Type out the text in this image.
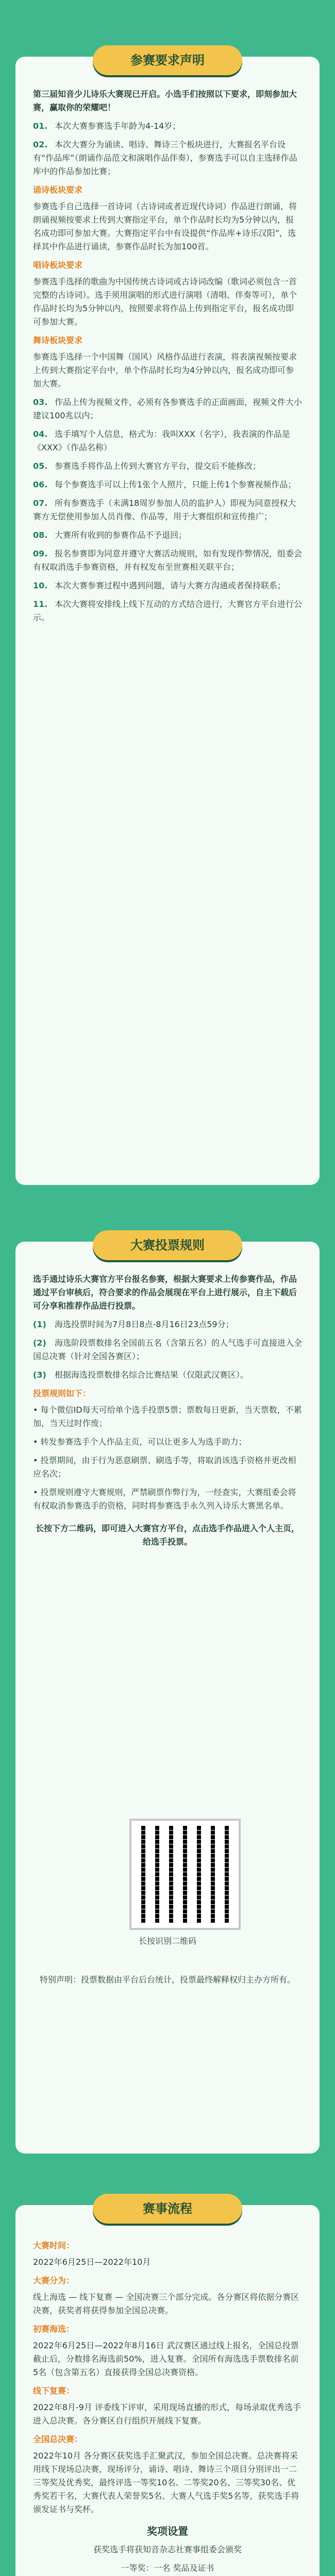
参赛要求声明
第三届知音少儿诗乐大赛现已开启。小选手们按照以下要求，即刻参加大赛，赢取你的荣耀吧！
01. 本次大赛参赛选手年龄为4-14岁；
02. 本次大赛分为诵读、唱诗、舞诗三个板块进行，大赛报名平台设有“作品库”（朗诵作品范文和演唱作品伴奏），参赛选手可以自主选择作品库中的作品参加比赛；
诵诗板块要求
参赛选手自己选择一首诗词（古诗词或者近现代诗词）作品进行朗诵，将朗诵视频按要求上传到大赛指定平台，单个作品时长均为5分钟以内，报名成功即可参加大赛。大赛指定平台中有设提供“作品库+诗乐汉阳”，选择其中作品进行诵读，参赛作品时长为加100首。
唱诗板块要求
参赛选手选择的歌曲为中国传统古诗词或古诗词改编（歌词必须包含一首完整的古诗词）。选手须用演唱的形式进行演唱（清唱、伴奏等可），单个作品时长均为5分钟以内，按照要求将作品上传到指定平台，报名成功即可参加大赛。
舞诗板块要求
参赛选手选择一个中国舞（国风）风格作品进行表演，将表演视频按要求上传到大赛指定平台中，单个作品时长均为4分钟以内，报名成功即可参加大赛。
03. 作品上传为视频文件，必须有各参赛选手的正面画面，视频文件大小建议100兆以内；
04. 选手填写个人信息，格式为：我叫XXX（名字），我表演的作品是《XXX》（作品名称）
05. 参赛选手将作品上传到大赛官方平台，提交后不能修改；
06. 每个参赛选手可以上传1张个人照片，只能上传1个参赛视频作品；
07. 所有参赛选手（未满18周岁参加人员的监护人）即视为同意授权大赛方无偿使用参加人员肖像、作品等，用于大赛组织和宣传推广；
08. 大赛所有收到的参赛作品不予退回；
09. 报名参赛即为同意并遵守大赛活动规则，如有发现作弊情况，组委会有权取消选手参赛资格，并有权发布至世赛相关联平台；
10. 本次大赛参赛过程中遇到问题，请与大赛方沟通或者保持联系；
11. 本次大赛将安排线上线下互动的方式结合进行，大赛官方平台进行公示。
大赛投票规则
选手通过诗乐大赛官方平台报名参赛，根据大赛要求上传参赛作品，作品通过平台审核后，符合要求的作品会展现在平台上进行展示，自主下载后可分享和推荐作品进行投票。
(1) 海选投票时间为7月8日8点-8月16日23点59分；
(2) 海选阶段票数排名全国前五名（含第五名）的人气选手可直接进入全国总决赛（针对全国各赛区）；
(3) 根据海选投票数排名综合比赛结果（仅限武汉赛区）。
投票规则如下：
• 每个微信ID每天可给单个选手投票5票；票数每日更新，当天票数，不累加，当天过时作废；
• 转发参赛选手个人作品主页，可以让更多人为选手助力；
• 投票期间，由于行为恶意刷票、刷选手等，将取消该选手资格并更改相应名次；
• 投票规则遵守大赛规则，严禁刷票作弊行为，一经查实，大赛组委会将有权取消参赛选手的资格，同时将参赛选手永久列入诗乐大赛黑名单。
长按下方二维码，即可进入大赛官方平台，点击选手作品进入个人主页，给选手投票。
长按识别二维码
特别声明：投票数据由平台后台统计，投票最终解释权归主办方所有。
赛事流程
大赛时间：
2022年6月25日—2022年10月
大赛分为：
线上海选 — 线下复赛 — 全国决赛三个部分完成。各分赛区将依据分赛区决赛，获奖者将获得参加全国总决赛。
初赛海选：
2022年6月25日—2022年8月16日 武汉赛区通过线上报名，全国总投票截止后，分数排名海选前50%，进入复赛。全国所有海选选手票数排名前5名（包含第五名）直接获得全国总决赛资格。
线下复赛：
2022年8月-9月 评委线下评审，采用现场直播的形式，每场录取优秀选手进入总决赛。各分赛区自行组织开展线下复赛。
全国总决赛：
2022年10月 各分赛区获奖选手汇聚武汉，参加全国总决赛。总决赛将采用线下现场总决赛，现场评分，诵诗、唱诗、舞诗三个项目分别评出一二三等奖及优秀奖，最终评选一等奖10名、二等奖20名、三等奖30名、优秀奖若干名，大赛代表人荣誉奖5名、大赛人气选手奖5名等，获奖选手将颁发证书与奖杯。
奖项设置
获奖选手将获知音杂志社赛事组委会颁奖
一等奖：一名 奖品及证书
